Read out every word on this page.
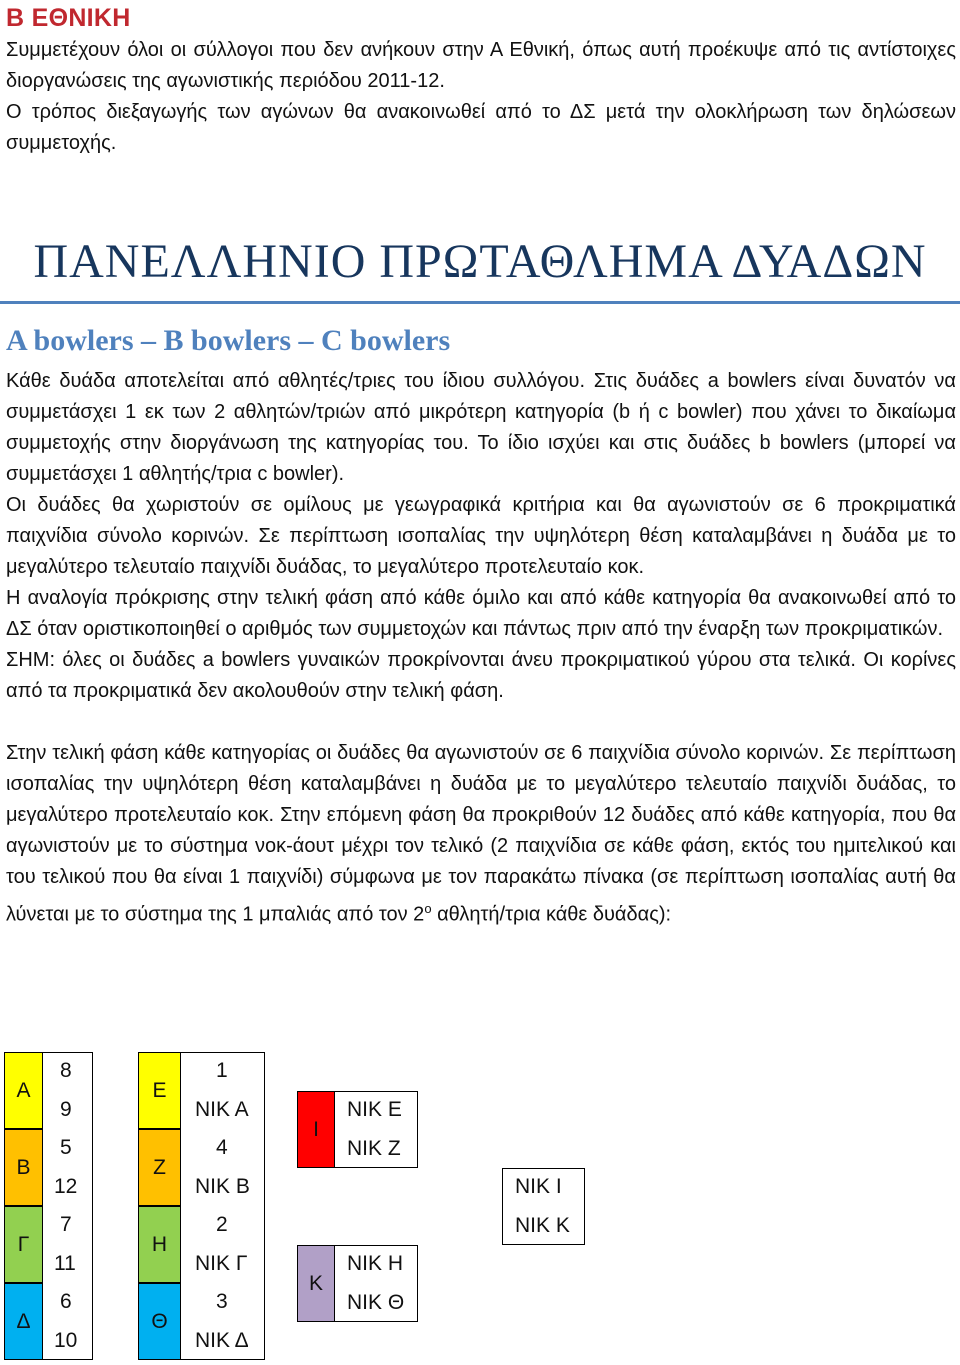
B ΕΘΝΙΚΗ

Συμμετέχουν όλοι οι σύλλογοι που δεν ανήκουν στην Α Εθνική, όπως αυτή προέκυψε από τις αντίστοιχες διοργανώσεις της αγωνιστικής περιόδου 2011-12.

Ο τρόπος διεξαγωγής των αγώνων θα ανακοινωθεί από το ΔΣ μετά την ολοκλήρωση των δηλώσεων συμμετοχής.

ΠΑΝΕΛΛΗΝΙΟ ΠΡΩΤΑΘΛΗΜΑ ΔΥΑΔΩΝ
A bowlers – B bowlers – C bowlers

Κάθε δυάδα αποτελείται από αθλητές/τριες του ίδιου συλλόγου. Στις δυάδες a bowlers είναι δυνατόν να συμμετάσχει 1 εκ των 2 αθλητών/τριών από μικρότερη κατηγορία (b ή c bowler) που χάνει το δικαίωμα συμμετοχής στην διοργάνωση της κατηγορίας του. Το ίδιο ισχύει και στις δυάδες b bowlers (μπορεί να συμμετάσχει 1 αθλητής/τρια c bowler).

Οι δυάδες θα χωριστούν σε ομίλους με γεωγραφικά κριτήρια και θα αγωνιστούν σε 6 προκριματικά παιχνίδια σύνολο κορινών. Σε περίπτωση ισοπαλίας την υψηλότερη θέση καταλαμβάνει η δυάδα με το μεγαλύτερο τελευταίο παιχνίδι δυάδας, το μεγαλύτερο προτελευταίο κοκ.

Η αναλογία πρόκρισης στην τελική φάση από κάθε όμιλο και από κάθε κατηγορία θα ανακοινωθεί από το ΔΣ όταν οριστικοποιηθεί ο αριθμός των συμμετοχών και πάντως πριν από την έναρξη των προκριματικών.

ΣΗΜ: όλες οι δυάδες a bowlers γυναικών προκρίνονται άνευ προκριματικού γύρου στα τελικά. Οι κορίνες από τα προκριματικά δεν ακολουθούν στην τελική φάση.

Στην τελική φάση κάθε κατηγορίας οι δυάδες θα αγωνιστούν σε 6 παιχνίδια σύνολο κορινών. Σε περίπτωση ισοπαλίας την υψηλότερη θέση καταλαμβάνει η δυάδα με το μεγαλύτερο τελευταίο παιχνίδι δυάδας, το μεγαλύτερο προτελευταίο κοκ. Στην επόμενη φάση θα προκριθούν 12 δυάδες από κάθε κατηγορία, που θα αγωνιστούν με το σύστημα νοκ-άουτ μέχρι τον τελικό (2 παιχνίδια σε κάθε φάση, εκτός του ημιτελικού και του τελικού που θα είναι 1 παιχνίδι) σύμφωνα με τον παρακάτω πίνακα (σε περίπτωση ισοπαλίας αυτή θα λύνεται με το σύστημα της 1 μπαλιάς από τον $2^o$ αθλητή/τρια κάθε δυάδας):

Α
Β
Γ
Δ
8
9
5
12
7
11
6
10
Ε
Ζ
Η
Θ
1
ΝΙΚ Α
4
ΝΙΚ Β
2
ΝΙΚ Γ
3
ΝΙΚ Δ
Ι
ΝΙΚ Ε
ΝΙΚ Ζ
Κ
ΝΙΚ Η
ΝΙΚ Θ
ΝΙΚ Ι
ΝΙΚ Κ
